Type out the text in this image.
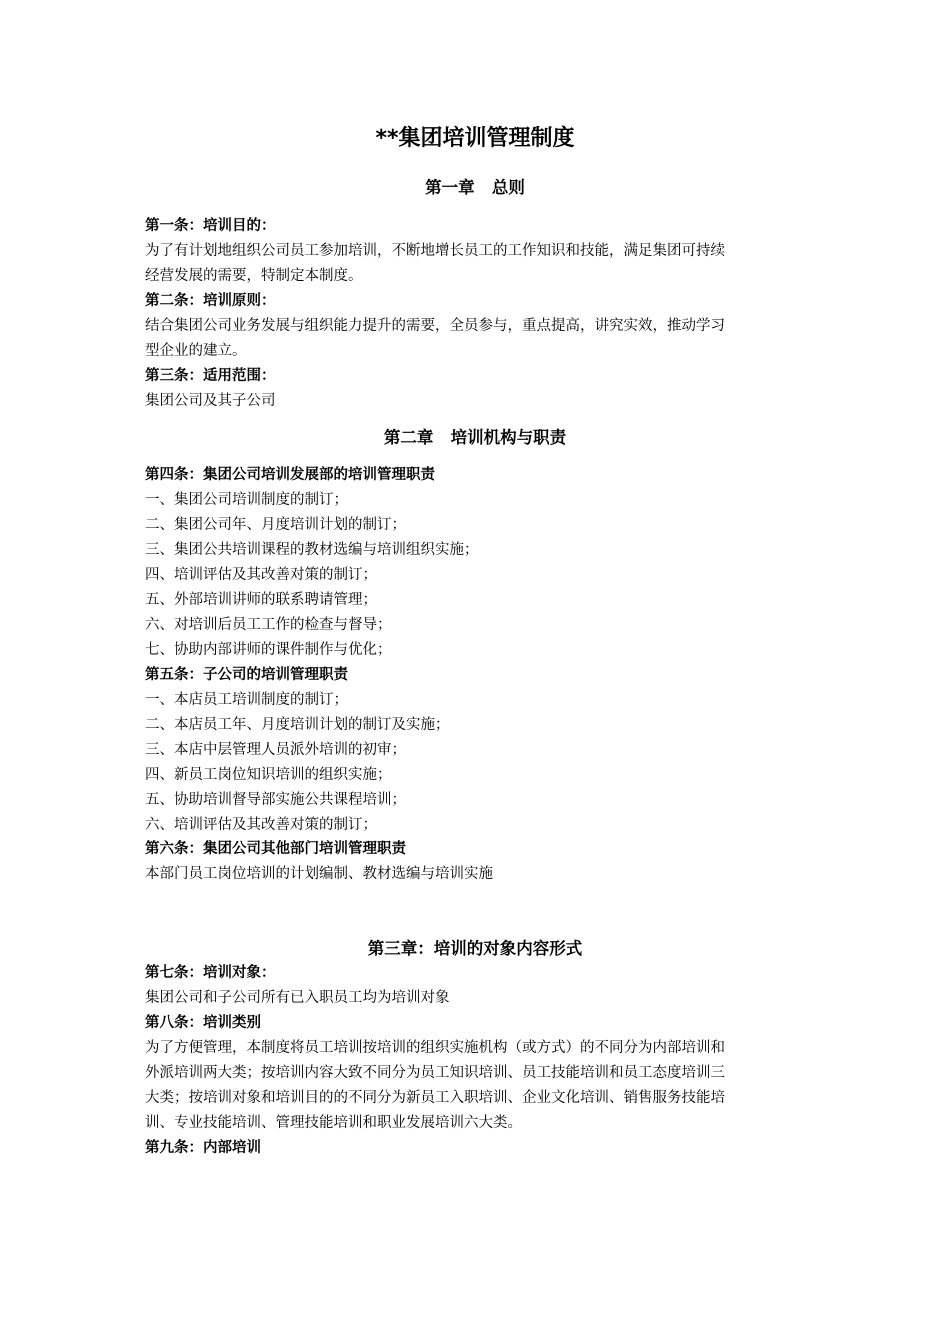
**集团培训管理制度
第一章   总则
第一条：培训目的：
为了有计划地组织公司员工参加培训，不断地增长员工的工作知识和技能，满足集团可持续
经营发展的需要，特制定本制度。
第二条：培训原则：
结合集团公司业务发展与组织能力提升的需要，全员参与，重点提高，讲究实效，推动学习
型企业的建立。
第三条：适用范围：
集团公司及其子公司
第二章   培训机构与职责
第四条：集团公司培训发展部的培训管理职责
一、集团公司培训制度的制订；
二、集团公司年、月度培训计划的制订；
三、集团公共培训课程的教材选编与培训组织实施；
四、培训评估及其改善对策的制订；
五、外部培训讲师的联系聘请管理；
六、对培训后员工工作的检查与督导；
七、协助内部讲师的课件制作与优化；
第五条：子公司的培训管理职责
一、本店员工培训制度的制订；
二、本店员工年、月度培训计划的制订及实施；
三、本店中层管理人员派外培训的初审；
四、新员工岗位知识培训的组织实施；
五、协助培训督导部实施公共课程培训；
六、培训评估及其改善对策的制订；
第六条：集团公司其他部门培训管理职责
本部门员工岗位培训的计划编制、教材选编与培训实施
第三章：培训的对象内容形式
第七条：培训对象：
集团公司和子公司所有已入职员工均为培训对象
第八条：培训类别
为了方便管理，本制度将员工培训按培训的组织实施机构（或方式）的不同分为内部培训和
外派培训两大类；按培训内容大致不同分为员工知识培训、员工技能培训和员工态度培训三
大类；按培训对象和培训目的的不同分为新员工入职培训、企业文化培训、销售服务技能培
训、专业技能培训、管理技能培训和职业发展培训六大类。
第九条：内部培训
